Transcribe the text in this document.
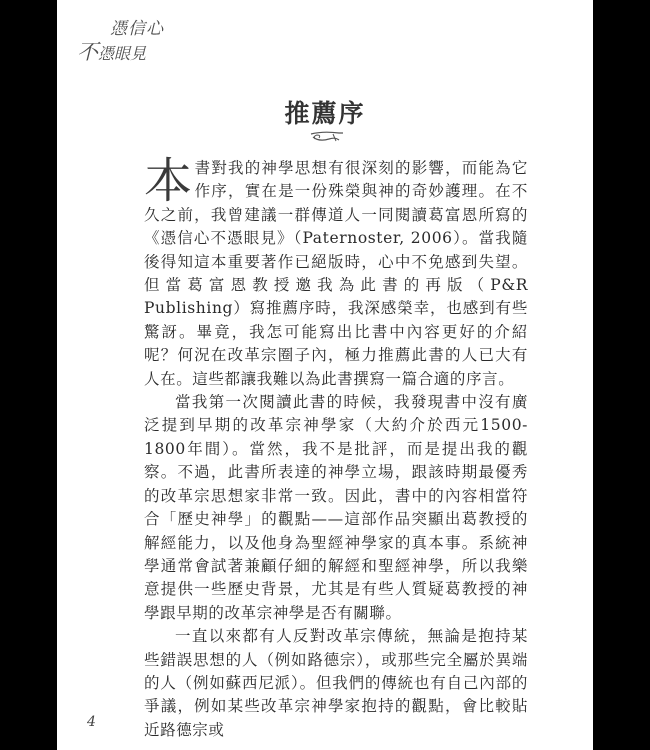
憑信心
不憑眼見
推薦序

本書對我的神學思想有很深刻的影響，而能為它作序，實在是一份殊榮與神的奇妙護理。在不久之前，我曾建議一群傳道人一同閱讀葛富恩所寫的《憑信心不憑眼見》（Paternoster, 2006）。當我隨後得知這本重要著作已絕版時，心中不免感到失望。但當葛富恩教授邀我為此書的再版（P&R Publishing）寫推薦序時，我深感榮幸，也感到有些驚訝。畢竟，我怎可能寫出比書中內容更好的介紹呢？何況在改革宗圈子內，極力推薦此書的人已大有人在。這些都讓我難以為此書撰寫一篇合適的序言。

當我第一次閱讀此書的時候，我發現書中沒有廣泛提到早期的改革宗神學家（大約介於西元1500-1800年間）。當然，我不是批評，而是提出我的觀察。不過，此書所表達的神學立場，跟該時期最優秀的改革宗思想家非常一致。因此，書中的內容相當符合「歷史神學」的觀點——這部作品突顯出葛教授的解經能力，以及他身為聖經神學家的真本事。系統神學通常會試著兼顧仔細的解經和聖經神學，所以我樂意提供一些歷史背景，尤其是有些人質疑葛教授的神學跟早期的改革宗神學是否有關聯。

一直以來都有人反對改革宗傳統，無論是抱持某些錯誤思想的人（例如路德宗），或那些完全屬於異端的人（例如蘇西尼派）。但我們的傳統也有自己內部的爭議，例如某些改革宗神學家抱持的觀點，會比較貼近路德宗或

4
